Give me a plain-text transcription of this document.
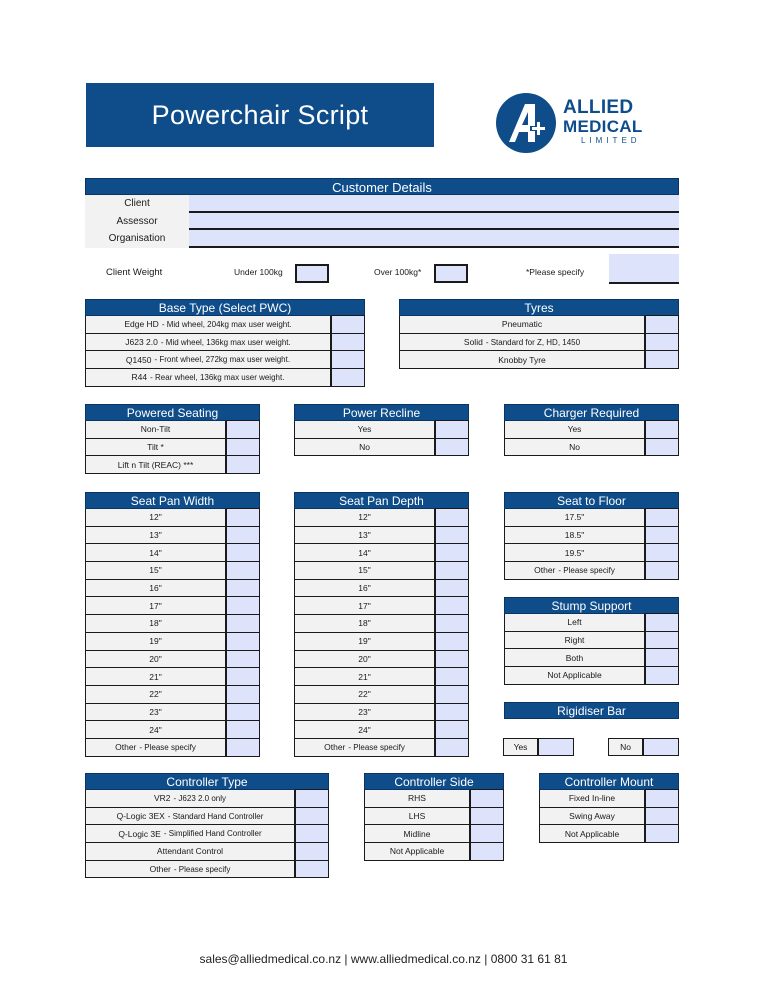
Powerchair Script	ALLIED
MEDICAL
LIMITED
Customer Details
Client
Assessor
Organisation
Client Weight	Under 100kg	Over 100kg*	*Please specify
Base Type (Select PWC)
Edge HD - Mid wheel, 204kg max user weight.
J623 2.0 - Mid wheel, 136kg max user weight.
Q1450 - Front wheel, 272kg max user weight.
R44 - Rear wheel, 136kg max user weight.
Tyres
Pneumatic
Solid - Standard for Z, HD, 1450
Knobby Tyre
Powered Seating
Non-Tilt
Tilt *
Lift n Tilt (REAC) ***
Power Recline
Yes
No
Charger Required
Yes
No
Seat Pan Width
12"
13"
14"
15"
16"
17"
18"
19"
20"
21"
22"
23"
24"
Other - Please specify
Seat Pan Depth
12"
13"
14"
15"
16"
17"
18"
19"
20"
21"
22"
23"
24"
Other - Please specify
Seat to Floor
17.5"
18.5"
19.5"
Other - Please specify
Stump Support
Left
Right
Both
Not Applicable
Rigidiser Bar
Yes	No
Controller Type
VR2 - J623 2.0 only
Q-Logic 3EX - Standard Hand Controller
Q-Logic 3E - Simplified Hand Controller
Attendant Control
Other - Please specify
Controller Side
RHS
LHS
Midline
Not Applicable
Controller Mount
Fixed In-line
Swing Away
Not Applicable
sales@alliedmedical.co.nz | www.alliedmedical.co.nz | 0800 31 61 81
